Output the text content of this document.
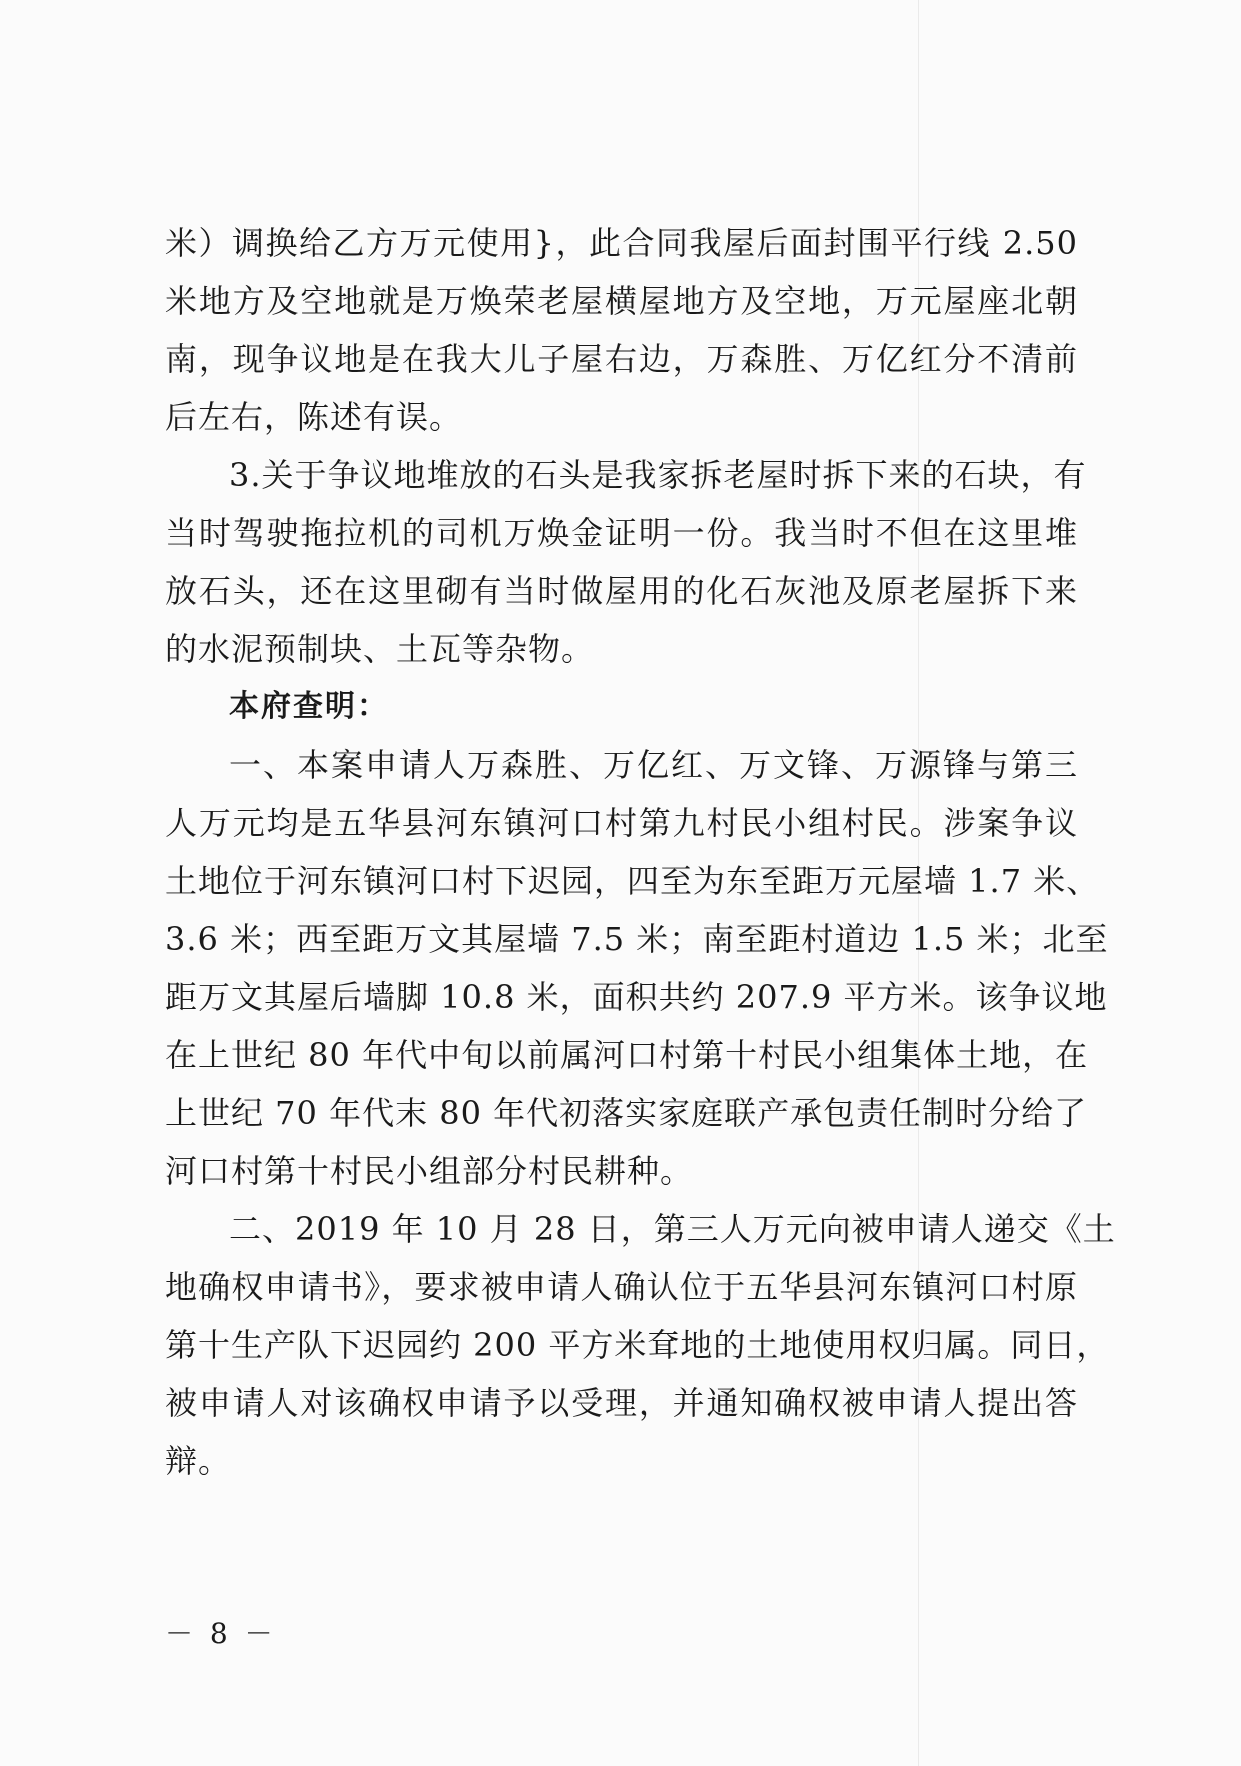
米）调换给乙方万元使用}，此合同我屋后面封围平行线 2.50
米地方及空地就是万焕荣老屋横屋地方及空地，万元屋座北朝
南，现争议地是在我大儿子屋右边，万森胜、万亿红分不清前
后左右，陈述有误。
3.关于争议地堆放的石头是我家拆老屋时拆下来的石块，有
当时驾驶拖拉机的司机万焕金证明一份。我当时不但在这里堆
放石头，还在这里砌有当时做屋用的化石灰池及原老屋拆下来
的水泥预制块、土瓦等杂物。
本府查明：
一、本案申请人万森胜、万亿红、万文锋、万源锋与第三
人万元均是五华县河东镇河口村第九村民小组村民。涉案争议
土地位于河东镇河口村下迟园，四至为东至距万元屋墙 1.7 米、
3.6 米；西至距万文其屋墙 7.5 米；南至距村道边 1.5 米；北至
距万文其屋后墙脚 10.8 米，面积共约 207.9 平方米。该争议地
在上世纪 80 年代中旬以前属河口村第十村民小组集体土地，在
上世纪 70 年代末 80 年代初落实家庭联产承包责任制时分给了
河口村第十村民小组部分村民耕种。
二、2019 年 10 月 28 日，第三人万元向被申请人递交《土
地确权申请书》，要求被申请人确认位于五华县河东镇河口村原
第十生产队下迟园约 200 平方米耷地的土地使用权归属。同日，
被申请人对该确权申请予以受理，并通知确权被申请人提出答
辩。
－ 8 －
